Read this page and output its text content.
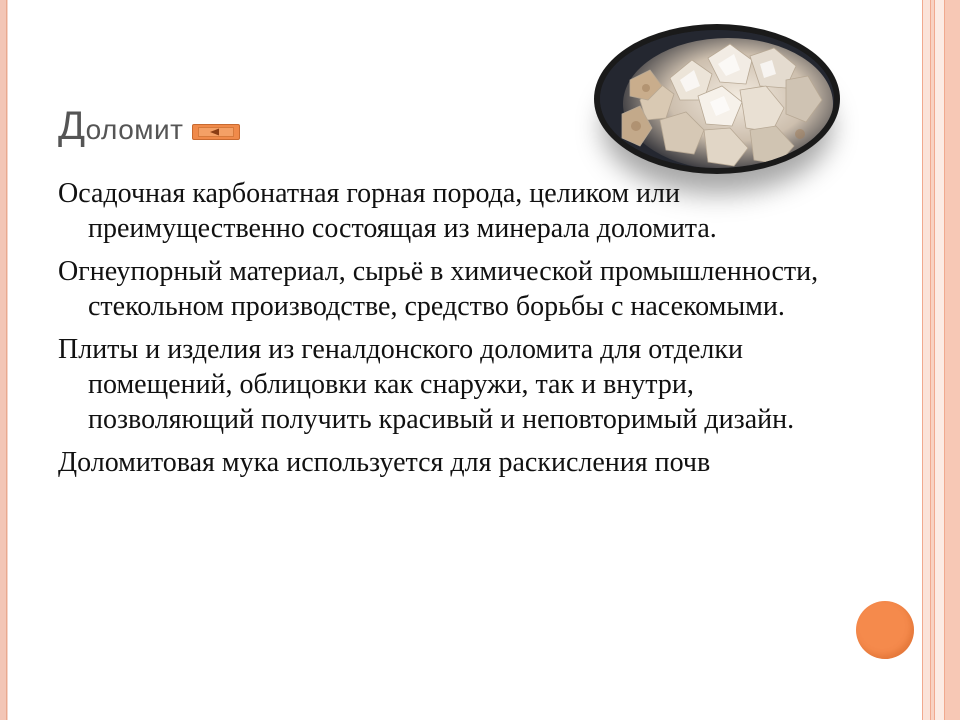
Доломит

Осадочная карбонатная горная порода, целиком или преимущественно состоящая из минерала доломита.

Огнеупорный материал, сырьё в химической промышленности, стекольном производстве, средство борьбы с насекомыми.

Плиты и изделия из геналдонского доломита для отделки помещений, облицовки как снаружи, так и внутри, позволяющий получить красивый и неповторимый дизайн.

Доломитовая мука используется для раскисления почв
